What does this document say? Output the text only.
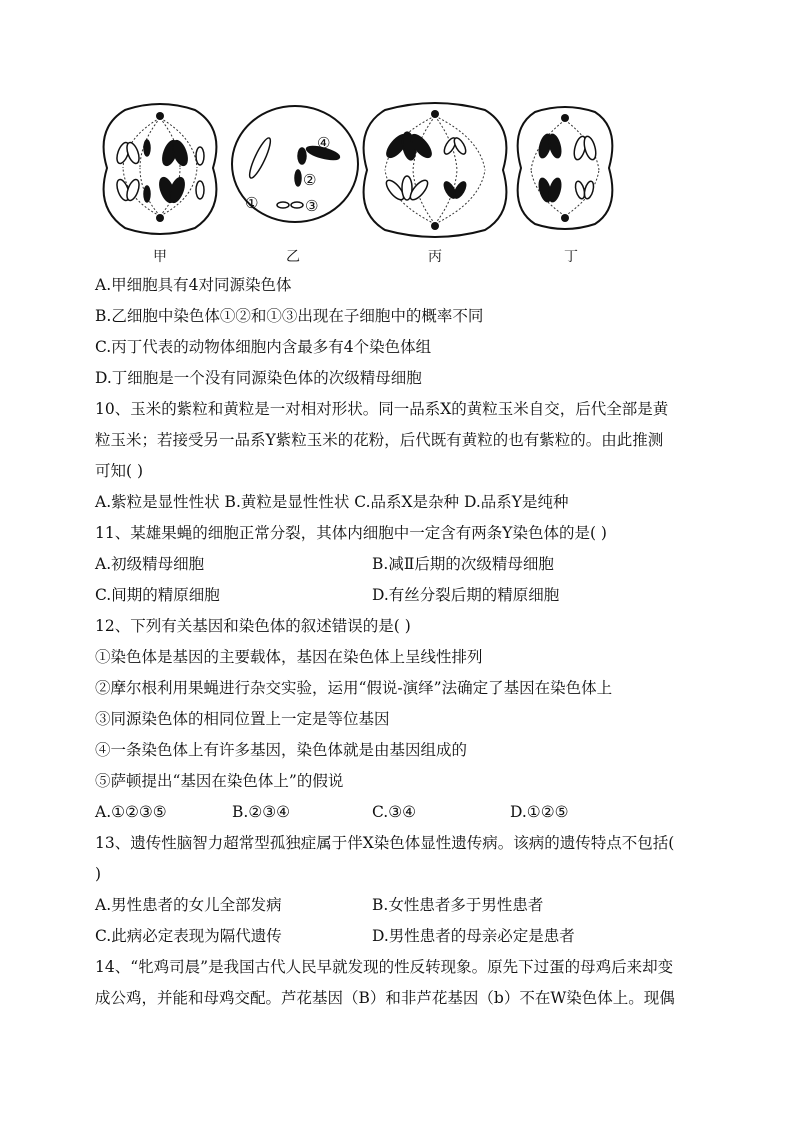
①
②
③
④
甲	乙	丙	丁
A.甲细胞具有4对同源染色体
B.乙细胞中染色体①②和①③出现在子细胞中的概率不同
C.丙丁代表的动物体细胞内含最多有4个染色体组
D.丁细胞是一个没有同源染色体的次级精母细胞
10、玉米的紫粒和黄粒是一对相对形状。同一品系X的黄粒玉米自交，后代全部是黄
粒玉米；若接受另一品系Y紫粒玉米的花粉，后代既有黄粒的也有紫粒的。由此推测
可知( )
A.紫粒是显性性状 B.黄粒是显性性状 C.品系X是杂种 D.品系Y是纯种
11、某雄果蝇的细胞正常分裂，其体内细胞中一定含有两条Y染色体的是( )
A.初级精母细胞	B.减Ⅱ后期的次级精母细胞
C.间期的精原细胞	D.有丝分裂后期的精原细胞
12、下列有关基因和染色体的叙述错误的是( )
①染色体是基因的主要载体，基因在染色体上呈线性排列
②摩尔根利用果蝇进行杂交实验，运用“假说-演绎”法确定了基因在染色体上
③同源染色体的相同位置上一定是等位基因
④一条染色体上有许多基因，染色体就是由基因组成的
⑤萨顿提出“基因在染色体上”的假说
A.①②③⑤	B.②③④	C.③④	D.①②⑤
13、遗传性脑智力超常型孤独症属于伴X染色体显性遗传病。该病的遗传特点不包括(
)
A.男性患者的女儿全部发病	B.女性患者多于男性患者
C.此病必定表现为隔代遗传	D.男性患者的母亲必定是患者
14、“牝鸡司晨”是我国古代人民早就发现的性反转现象。原先下过蛋的母鸡后来却变
成公鸡，并能和母鸡交配。芦花基因（B）和非芦花基因（b）不在W染色体上。现偶
